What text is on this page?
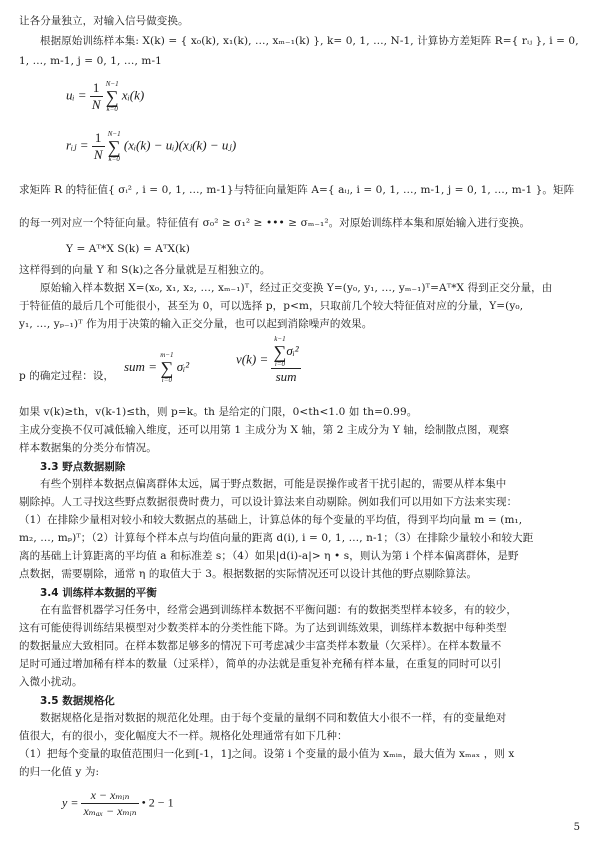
让各分量独立，对输入信号做变换。
根据原始训练样本集: X(k) = { x₀(k), x₁(k), …, xₘ₋₁(k) }, k= 0, 1, …, N-1, 计算协方差矩阵 R={ rᵢⱼ }, i = 0,
1, …, m-1, j = 0, 1, …, m-1
uᵢ = $\frac{1}{N}$
N−1
∑
k=0
xᵢ(k)
rᵢⱼ = $\frac{1}{N}$
N−1
∑
k=0
(xᵢ(k) − uᵢ)(xⱼ(k) − uⱼ)
求矩阵 R 的特征值{ σᵢ² , i = 0, 1, …, m-1}与特征向量矩阵 A={ aᵢⱼ, i = 0, 1, …, m-1, j = 0, 1, …, m-1 }。矩阵
的每一列对应一个特征向量。特征值有 σ₀² ≥ σ₁² ≥ ••• ≥ σₘ₋₁²。对原始训练样本集和原始输入进行变换。
Y = Aᵀ*X S(k) = AᵀX(k)
这样得到的向量 Y 和 S(k)之各分量就是互相独立的。
原始输入样本数据 X=(x₀, x₁, x₂, …, xₘ₋₁)ᵀ，经过正交变换 Y=(y₀, y₁, …, yₘ₋₁)ᵀ=Aᵀ*X 得到正交分量，由
于特征值的最后几个可能很小，甚至为 0，可以选择 p，p<m，只取前几个较大特征值对应的分量，Y=(y₀,
y₁, …, yₚ₋₁)ᵀ 作为用于决策的输入正交分量，也可以起到消除噪声的效果。
p 的确定过程：设，
sum =
m−1
∑
i=0
σᵢ²	v(k) = k−1
∑
i=0
σᵢ²
sum
如果 v(k)≥th，v(k-1)≤th，则 p=k。th 是给定的门限，0<th<1.0 如 th=0.99。
主成分变换不仅可减低输入维度，还可以用第 1 主成分为 X 轴，第 2 主成分为 Y 轴，绘制散点图，观察
样本数据集的分类分布情况。
3.3 野点数据剔除
有些个别样本数据点偏离群体太远，属于野点数据，可能是误操作或者干扰引起的，需要从样本集中
剔除掉。人工寻找这些野点数据很费时费力，可以设计算法来自动剔除。例如我们可以用如下方法来实现：
（1）在排除少量相对较小和较大数据点的基础上，计算总体的每个变量的平均值，得到平均向量 m = (m₁,
m₂, …, mₚ)ᵀ；（2）计算每个样本点与均值向量的距离 d(i), i = 0, 1, …, n-1；（3）在排除少量较小和较大距
离的基础上计算距离的平均值 a 和标准差 s；（4）如果|d(i)-a|> η • s，则认为第 i 个样本偏离群体，是野
点数据，需要剔除，通常 η 的取值大于 3。根据数据的实际情况还可以设计其他的野点剔除算法。
3.4 训练样本数据的平衡
在有监督机器学习任务中，经常会遇到训练样本数据不平衡问题：有的数据类型样本较多，有的较少，
这有可能使得训练结果模型对少数类样本的分类性能下降。为了达到训练效果，训练样本数据中每种类型
的数据量应大致相同。在样本数都足够多的情况下可考虑减少丰富类样本数量（欠采样）。在样本数量不
足时可通过增加稀有样本的数量（过采样），简单的办法就是重复补充稀有样本量，在重复的同时可以引
入微小扰动。
3.5 数据规格化
数据规格化是指对数据的规范化处理。由于每个变量的量纲不同和数值大小很不一样，有的变量绝对
值很大，有的很小，变化幅度大不一样。规格化处理通常有如下几种：
（1）把每个变量的取值范围归一化到[-1，1]之间。设第 i 个变量的最小值为 xₘᵢₙ，最大值为 xₘₐₓ ，则 x
的归一化值 y 为:
$y = \frac{\text{x − xₘᵢₙ}}{\text{xₘₐₓ − xₘᵢₙ}}$ • 2 − 1
5
